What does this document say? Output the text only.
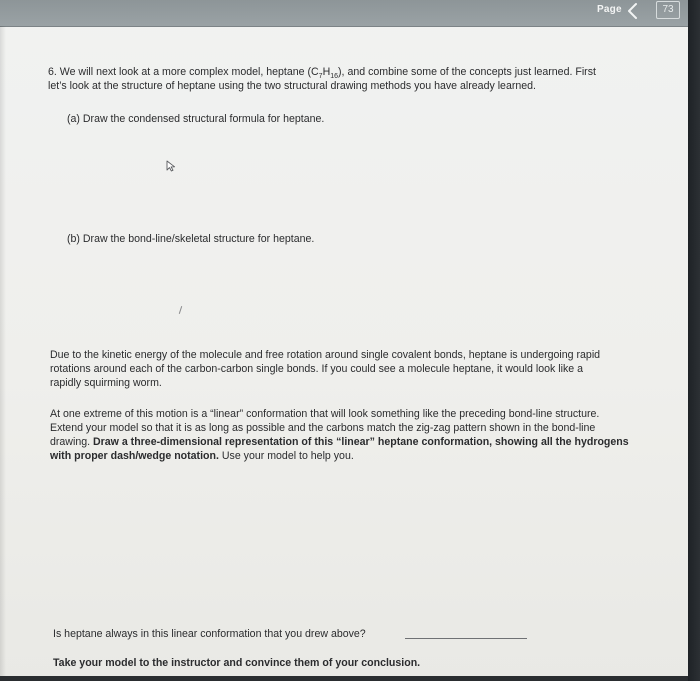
Page	73
6. We will next look at a more complex model, heptane $(C_7H_{16})$, and combine some of the concepts just learned. First
let’s look at the structure of heptane using the two structural drawing methods you have already learned.
(a) Draw the condensed structural formula for heptane.
(b) Draw the bond-line/skeletal structure for heptane.
Due to the kinetic energy of the molecule and free rotation around single covalent bonds, heptane is undergoing rapid
rotations around each of the carbon-carbon single bonds. If you could see a molecule heptane, it would look like a
rapidly squirming worm.
At one extreme of this motion is a “linear” conformation that will look something like the preceding bond-line structure.
Extend your model so that it is as long as possible and the carbons match the zig-zag pattern shown in the bond-line
drawing. Draw a three-dimensional representation of this “linear” heptane conformation, showing all the hydrogens
with proper dash/wedge notation. Use your model to help you.
Is heptane always in this linear conformation that you drew above?
Take your model to the instructor and convince them of your conclusion.
